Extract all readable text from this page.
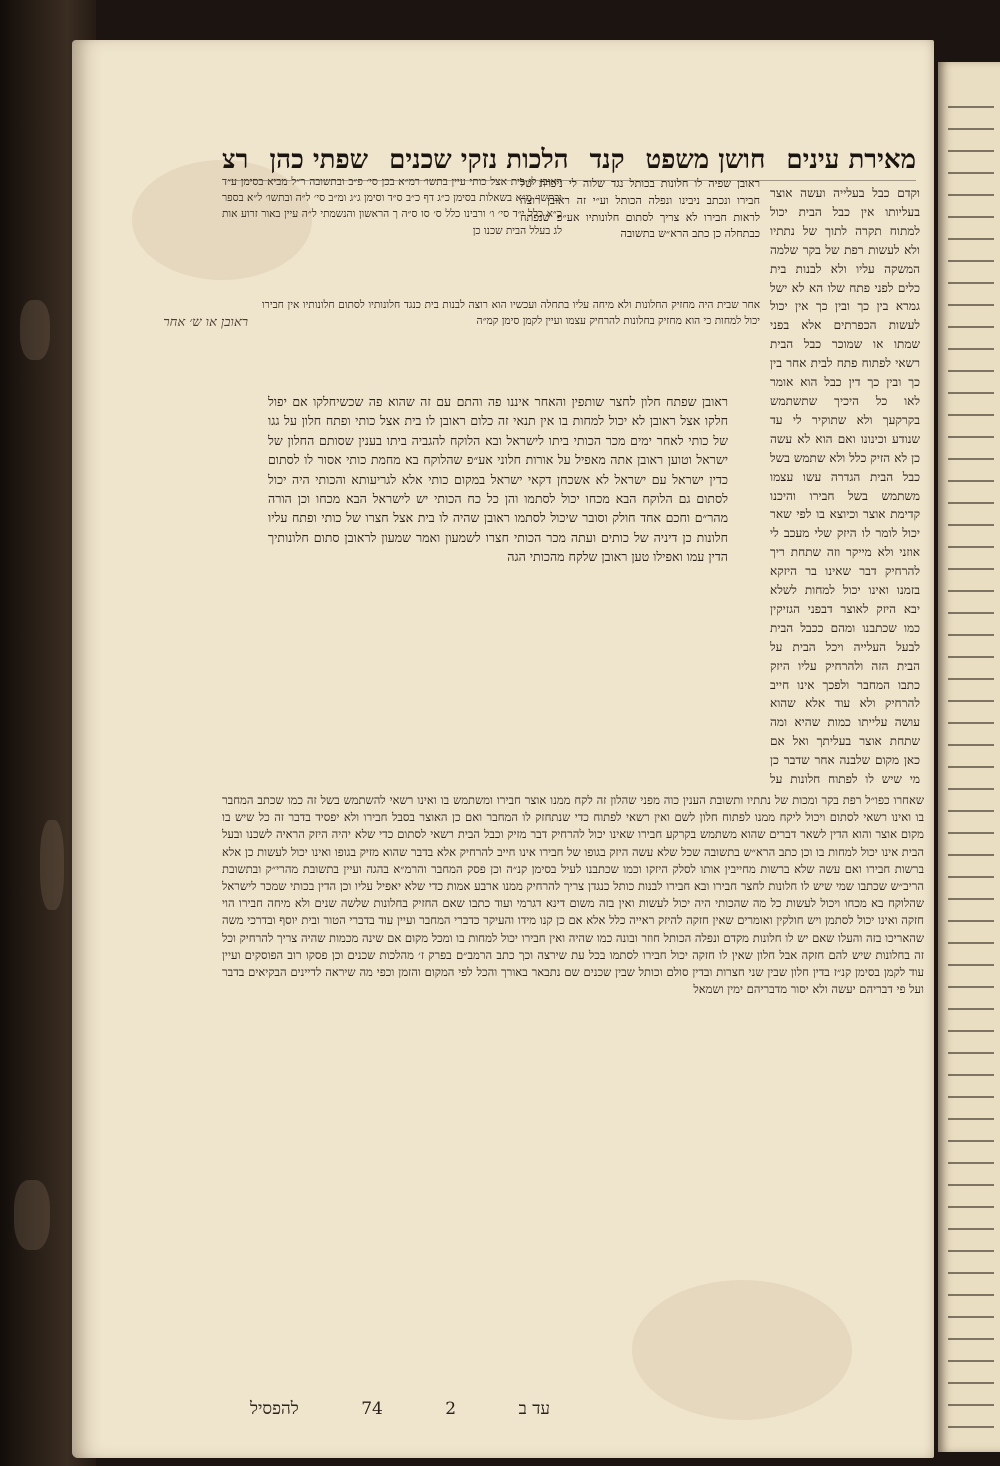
מאירת עינים
חושן משפט
קנד
הלכות נזקי שכנים
שפתי כהן
רצ
וקדם כבל בעלייה ועשה אוצר בעליותו אין כבל הבית יכול למתוח תקרה לתוך של נתתיו ולא לעשות רפת של בקר שלמה המשקה עליו ולא לבנות בית כלים לפני פתח שלו הא לא ישל גמרא בין כך ובין כך אין יכול לעשות הכפרתים אלא בפני שמתו או שמוכר כבל הבית רשאי לפתוח פתח לבית אחר בין כך ובין כך דין כבל הוא אומר לאו כל היכיך שתשתמש בקרקעך ולא שתוקיר לי עד שנודע וכינונו ואם הוא לא עשה כן לא הזיק כלל ולא שתמש בשל כבל הבית הגדרה עשו עצמו משתמש בשל חבירו והיכנו קדימת אוצר וכיוצא בו לפי שאר יכול לומר לו היזק שלי מעכב לי אוזני ולא מייקר וזה שתחת ריך להרחיק דבר שאינו בר היזקא בזמנו ואינו יכול למחות לשלא יבא היזק לאוצר דבפני הגזיקין כמו שכתבנו ומהם ככבל הבית לבעל העלייה ויכל הבית על הבית הזה ולהרחיק עליו היזק כתבו המחבר ולפכך אינו חייב להרחיק ולא עוד אלא שהוא עושה עלייתו כמות שהיא ומה שתחת אוצר בעליתך ואל אם כאן מקום שלבנה אחר שדבר כן מי שיש לו לפתוח חלונות על
ראובן לו בית אצל כותי עיין בתשו׳ רמ״א בכן סי׳ פ״ב ובתשובה ר״ל מביא בסימן ע״ד ובתשו׳ מ״א בשאלות בסימן כ״ג דף כ״ב ס״ד וסימן ג״ג ומ״ב סי׳ ל״ה ובתשו׳ ל״א בספר כ״א כלל י״ד סי׳ ו׳ ורבינו כלל ס׳ סו ס״ה ך הראשון והנשמתי ל״ה עיין באור זרוע אות לג בעלל הבית שכנו כן
ראובן שפיה לו חלונות בכותל נגד שלוה לי ניכרת של חבירו ונכתב ניבינו ונפלה הכותל וע״י זה ראובן רוצה לראות חבירו לא צריך לסתום חלונותיו אע״פ שנפתח כבתחלה כן כתב הרא״ש בתשובה
אחר שבית היה מחזיק החלונות ולא מיחה עליו בתחלה ועכשיו הוא רוצה לבנות בית כנגד חלונותיו לסתום חלונותיו אין חבירו יכול למחות כי הוא מחזיק בחלונות להרחיק עצמו ועיין לקמן סימן קמ״ה
ראובן או ש׳ אחר
ראובן שפתח חלון לחצר שותפין והאחר איננו פה והתם עם זה שהוא פה שכשיחלקו אם יפול חלקו אצל ראובן לא יכול למחות בו אין תנאי זה כלום ראובן לו בית אצל כותי ופתח חלון על גגו של כותי לאחר ימים מכר הכותי ביתו לישראל ובא הלוקח להגביה ביתו בענין שסותם החלון של ישראל וטוען ראובן אתה מאפיל על אורות חלוני אע״פ שהלוקח בא מחמת כותי אסור לו לסתום כדין ישראל עם ישראל לא אשכחן דקאי ישראל במקום כותי אלא לגריעותא והכותי היה יכול לסתום גם הלוקח הבא מכחו יכול לסתמו והן כל כח הכותי יש לישראל הבא מכחו וכן הורה מהר״ם וחכם אחד חולק וסובר שיכול לסתמו ראובן שהיה לו בית אצל חצרו של כותי ופתח עליו חלונות כן דיניה של כותים ועתה מכר הכותי חצרו לשמעון ואמר שמעון לראובן סתום חלונותיך הדין עמו ואפילו טען ראובן שלקח מהכותי הגה
שאחרו כפו״ל רפת בקר ומכות של נתתיו ותשובת הענין כוה מפני שהלון זה לקח ממנו אוצר חבירו ומשתמש בו ואינו רשאי להשתמש בשל זה כמו שכתב המחבר בו ואינו רשאי לסתום ויכול ליקח ממנו לפתוח חלון לשם ואין רשאי לפתוח כדי שנתחזק לו המחבר ואם כן האוצר בסבל חבירו ולא יפסיד בדבר זה כל שיש בו מקום אוצר והוא הדין לשאר דברים שהוא משתמש בקרקע חבירו שאינו יכול להרחיק דבר מזיק וכבל הבית רשאי לסתום כדי שלא יהיה היזק הראיה לשכנו ובעל הבית אינו יכול למחות בו וכן כתב הרא״ש בתשובה שכל שלא עשה היזק בגופו של חבירו אינו חייב להרחיק אלא בדבר שהוא מזיק בגופו ואינו יכול לעשות כן אלא ברשות חבירו ואם עשה שלא ברשות מחייבין אותו לסלק היזקו וכמו שכתבנו לעיל בסימן קנ״ה וכן פסק המחבר והרמ״א בהגה ועיין בתשובת מהרי״ק ובתשובת הריב״ש שכתבו שמי שיש לו חלונות לחצר חבירו ובא חבירו לבנות כותל כנגדן צריך להרחיק ממנו ארבע אמות כדי שלא יאפיל עליו וכן הדין בכותי שמכר לישראל שהלוקח בא מכחו ויכול לעשות כל מה שהכותי היה יכול לעשות ואין בזה משום דינא דגרמי ועוד כתבו שאם החזיק בחלונות שלשה שנים ולא מיחה חבירו הוי חזקה ואינו יכול לסתמן ויש חולקין ואומרים שאין חזקה להיזק ראייה כלל אלא אם כן קנו מידו והעיקר כדברי המחבר ועיין עוד בדברי הטור ובית יוסף ובדרכי משה שהאריכו בזה והעלו שאם יש לו חלונות מקדם ונפלה הכותל חוזר ובונה כמו שהיה ואין חבירו יכול למחות בו ומכל מקום אם שינה מכמות שהיה צריך להרחיק וכל זה בחלונות שיש להם חזקה אבל חלון שאין לו חזקה יכול חבירו לסתמו בכל עת שירצה וכך כתב הרמב״ם בפרק ז׳ מהלכות שכנים וכן פסקו רוב הפוסקים ועיין עוד לקמן בסימן קנ״ז בדין חלון שבין שני חצרות ובדין סולם וכותל שבין שכנים שם נתבאר באורך והכל לפי המקום והזמן וכפי מה שיראה לדיינים הבקיאים בדבר ועל פי דבריהם יעשה ולא יסור מדבריהם ימין ושמאל
עד ב
2
74
להפסיל
